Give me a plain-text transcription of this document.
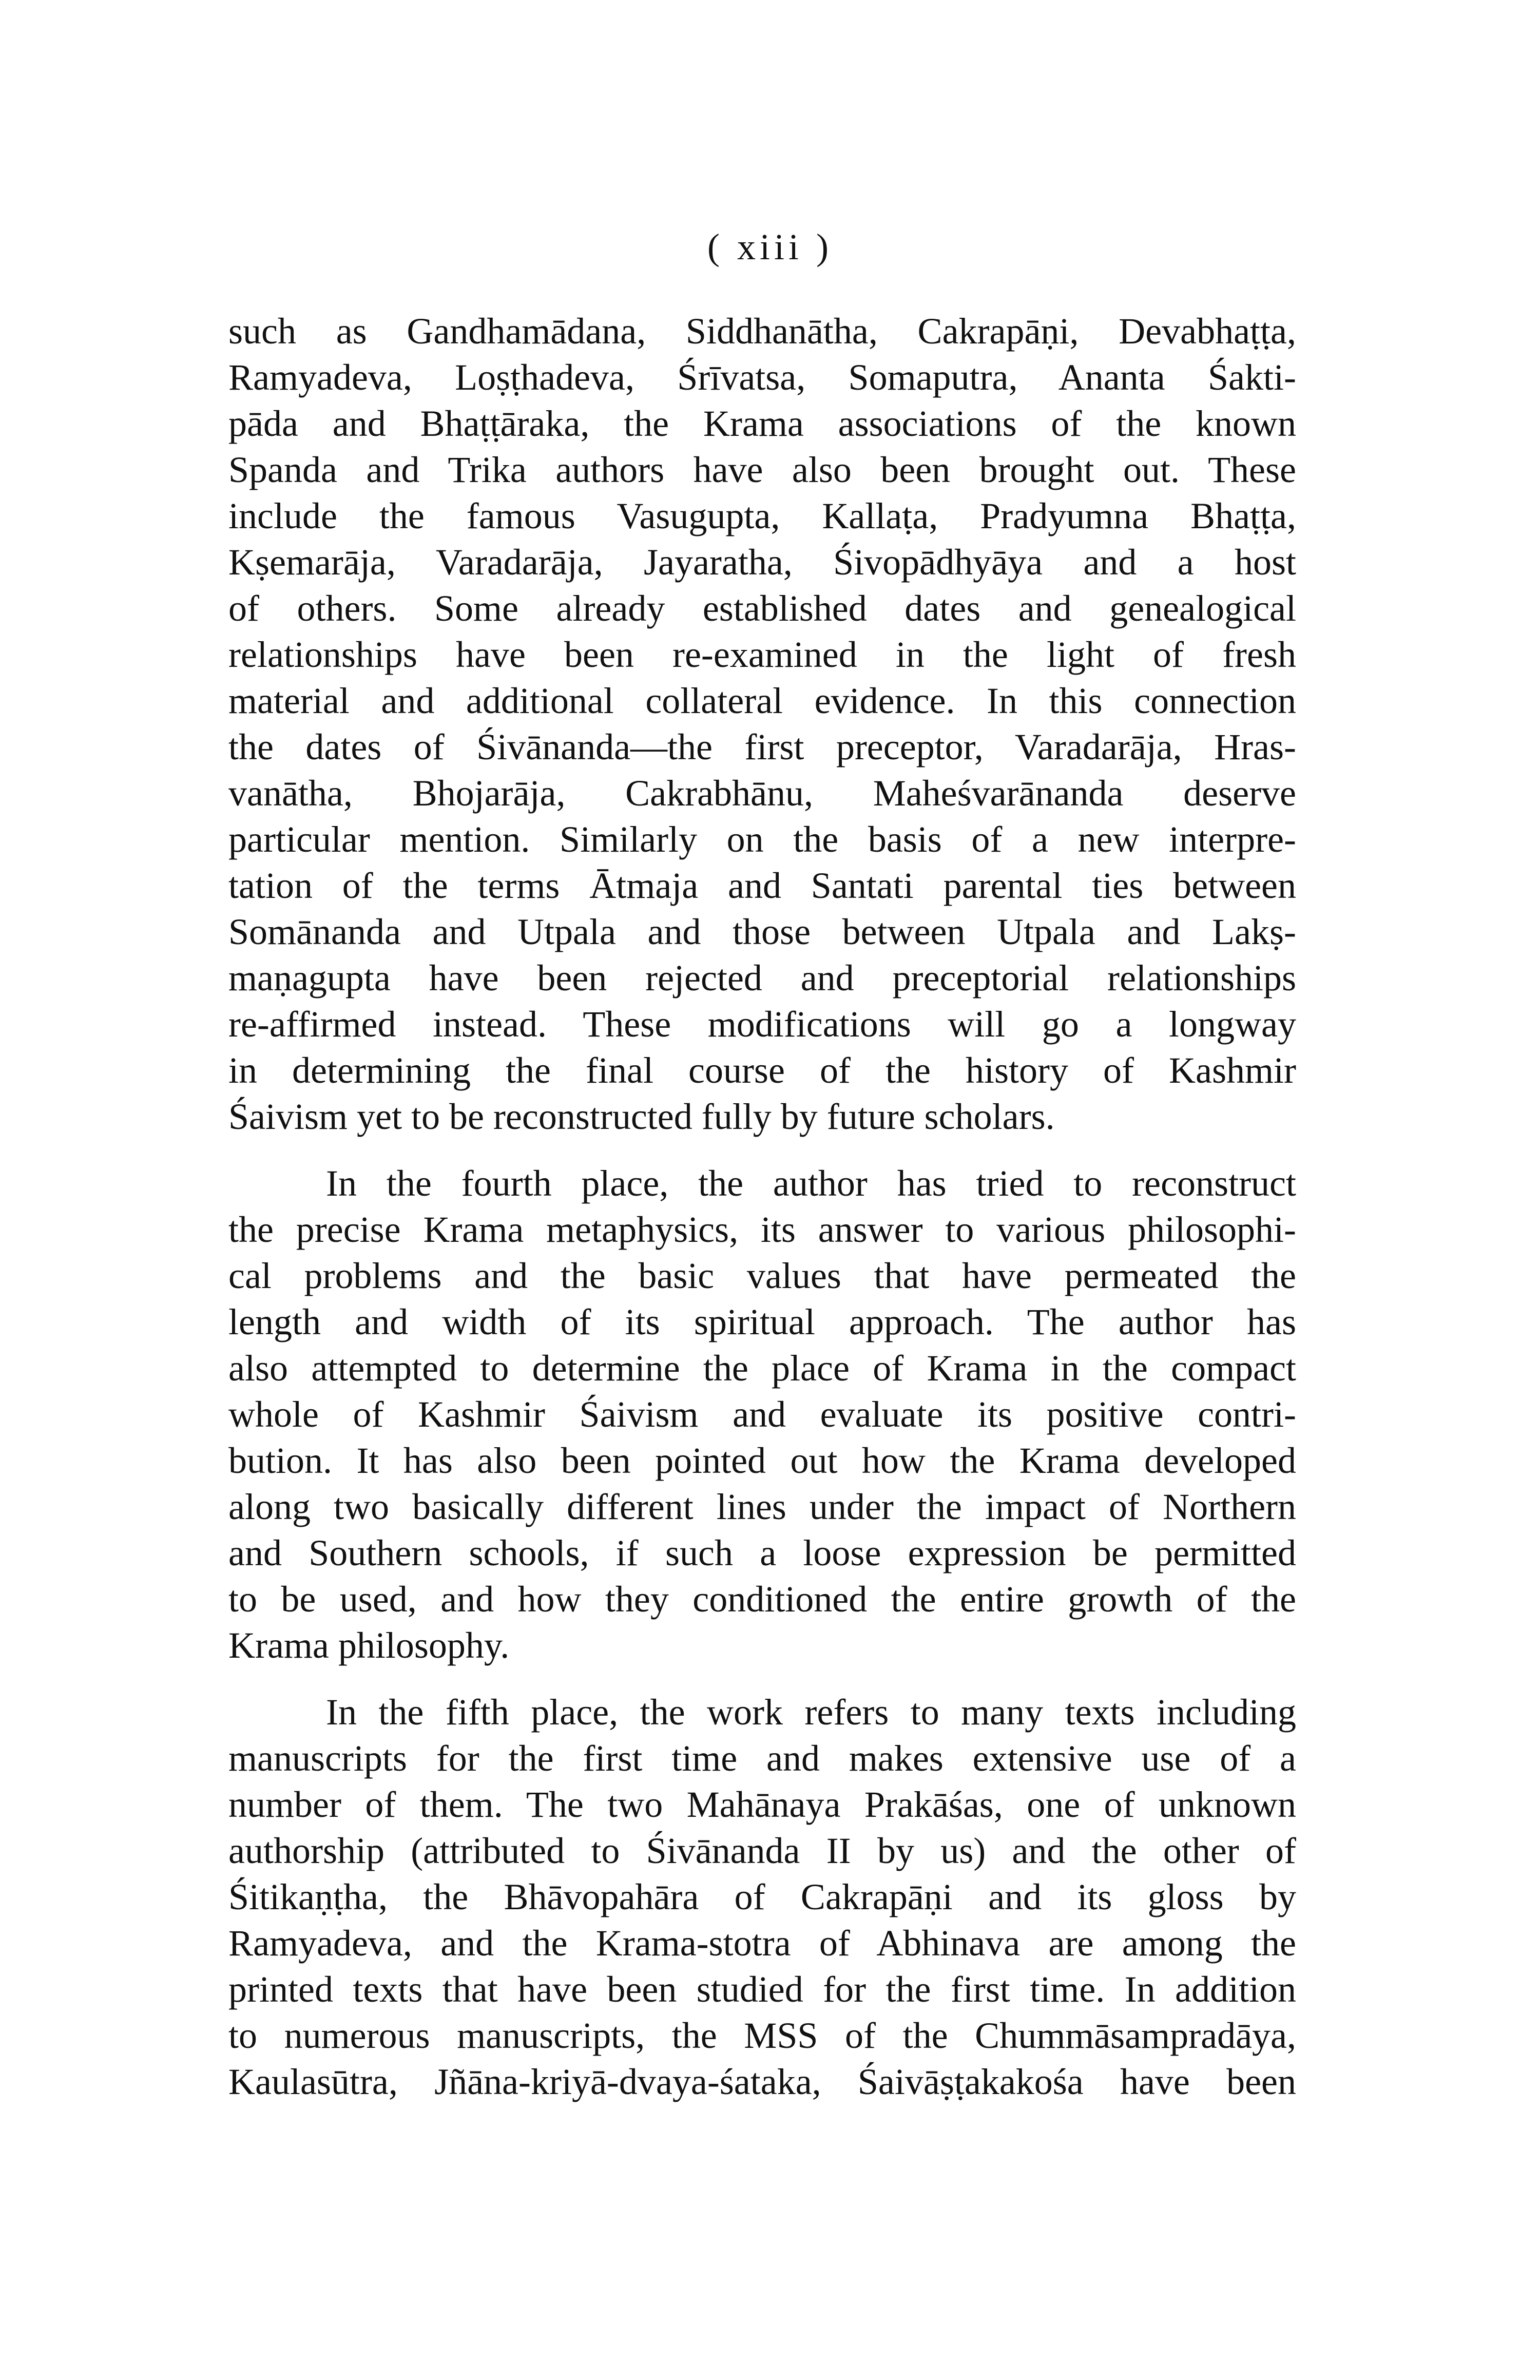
( xiii )
such as Gandhamādana, Siddhanātha, Cakrapāṇi, Devabhaṭṭa,
Ramyadeva, Loṣṭhadeva, Śrīvatsa, Somaputra, Ananta Śakti-
pāda and Bhaṭṭāraka, the Krama associations of the known
Spanda and Trika authors have also been brought out. These
include the famous Vasugupta, Kallaṭa, Pradyumna Bhaṭṭa,
Kṣemarāja, Varadarāja, Jayaratha, Śivopādhyāya and a host
of others. Some already established dates and genealogical
relationships have been re-examined in the light of fresh
material and additional collateral evidence. In this connection
the dates of Śivānanda—the first preceptor, Varadarāja, Hras-
vanātha, Bhojarāja, Cakrabhānu, Maheśvarānanda deserve
particular mention. Similarly on the basis of a new interpre-
tation of the terms Ātmaja and Santati parental ties between
Somānanda and Utpala and those between Utpala and Lakṣ-
maṇagupta have been rejected and preceptorial relationships
re-affirmed instead. These modifications will go a longway
in determining the final course of the history of Kashmir
Śaivism yet to be reconstructed fully by future scholars.
In the fourth place, the author has tried to reconstruct
the precise Krama metaphysics, its answer to various philosophi-
cal problems and the basic values that have permeated the
length and width of its spiritual approach. The author has
also attempted to determine the place of Krama in the compact
whole of Kashmir Śaivism and evaluate its positive contri-
bution. It has also been pointed out how the Krama developed
along two basically different lines under the impact of Northern
and Southern schools, if such a loose expression be permitted
to be used, and how they conditioned the entire growth of the
Krama philosophy.
In the fifth place, the work refers to many texts including
manuscripts for the first time and makes extensive use of a
number of them. The two Mahānaya Prakāśas, one of unknown
authorship (attributed to Śivānanda II by us) and the other of
Śitikaṇṭha, the Bhāvopahāra of Cakrapāṇi and its gloss by
Ramyadeva, and the Krama-stotra of Abhinava are among the
printed texts that have been studied for the first time. In addition
to numerous manuscripts, the MSS of the Chummāsampradāya,
Kaulasūtra, Jñāna-kriyā-dvaya-śataka, Śaivāṣṭakakośa have been
